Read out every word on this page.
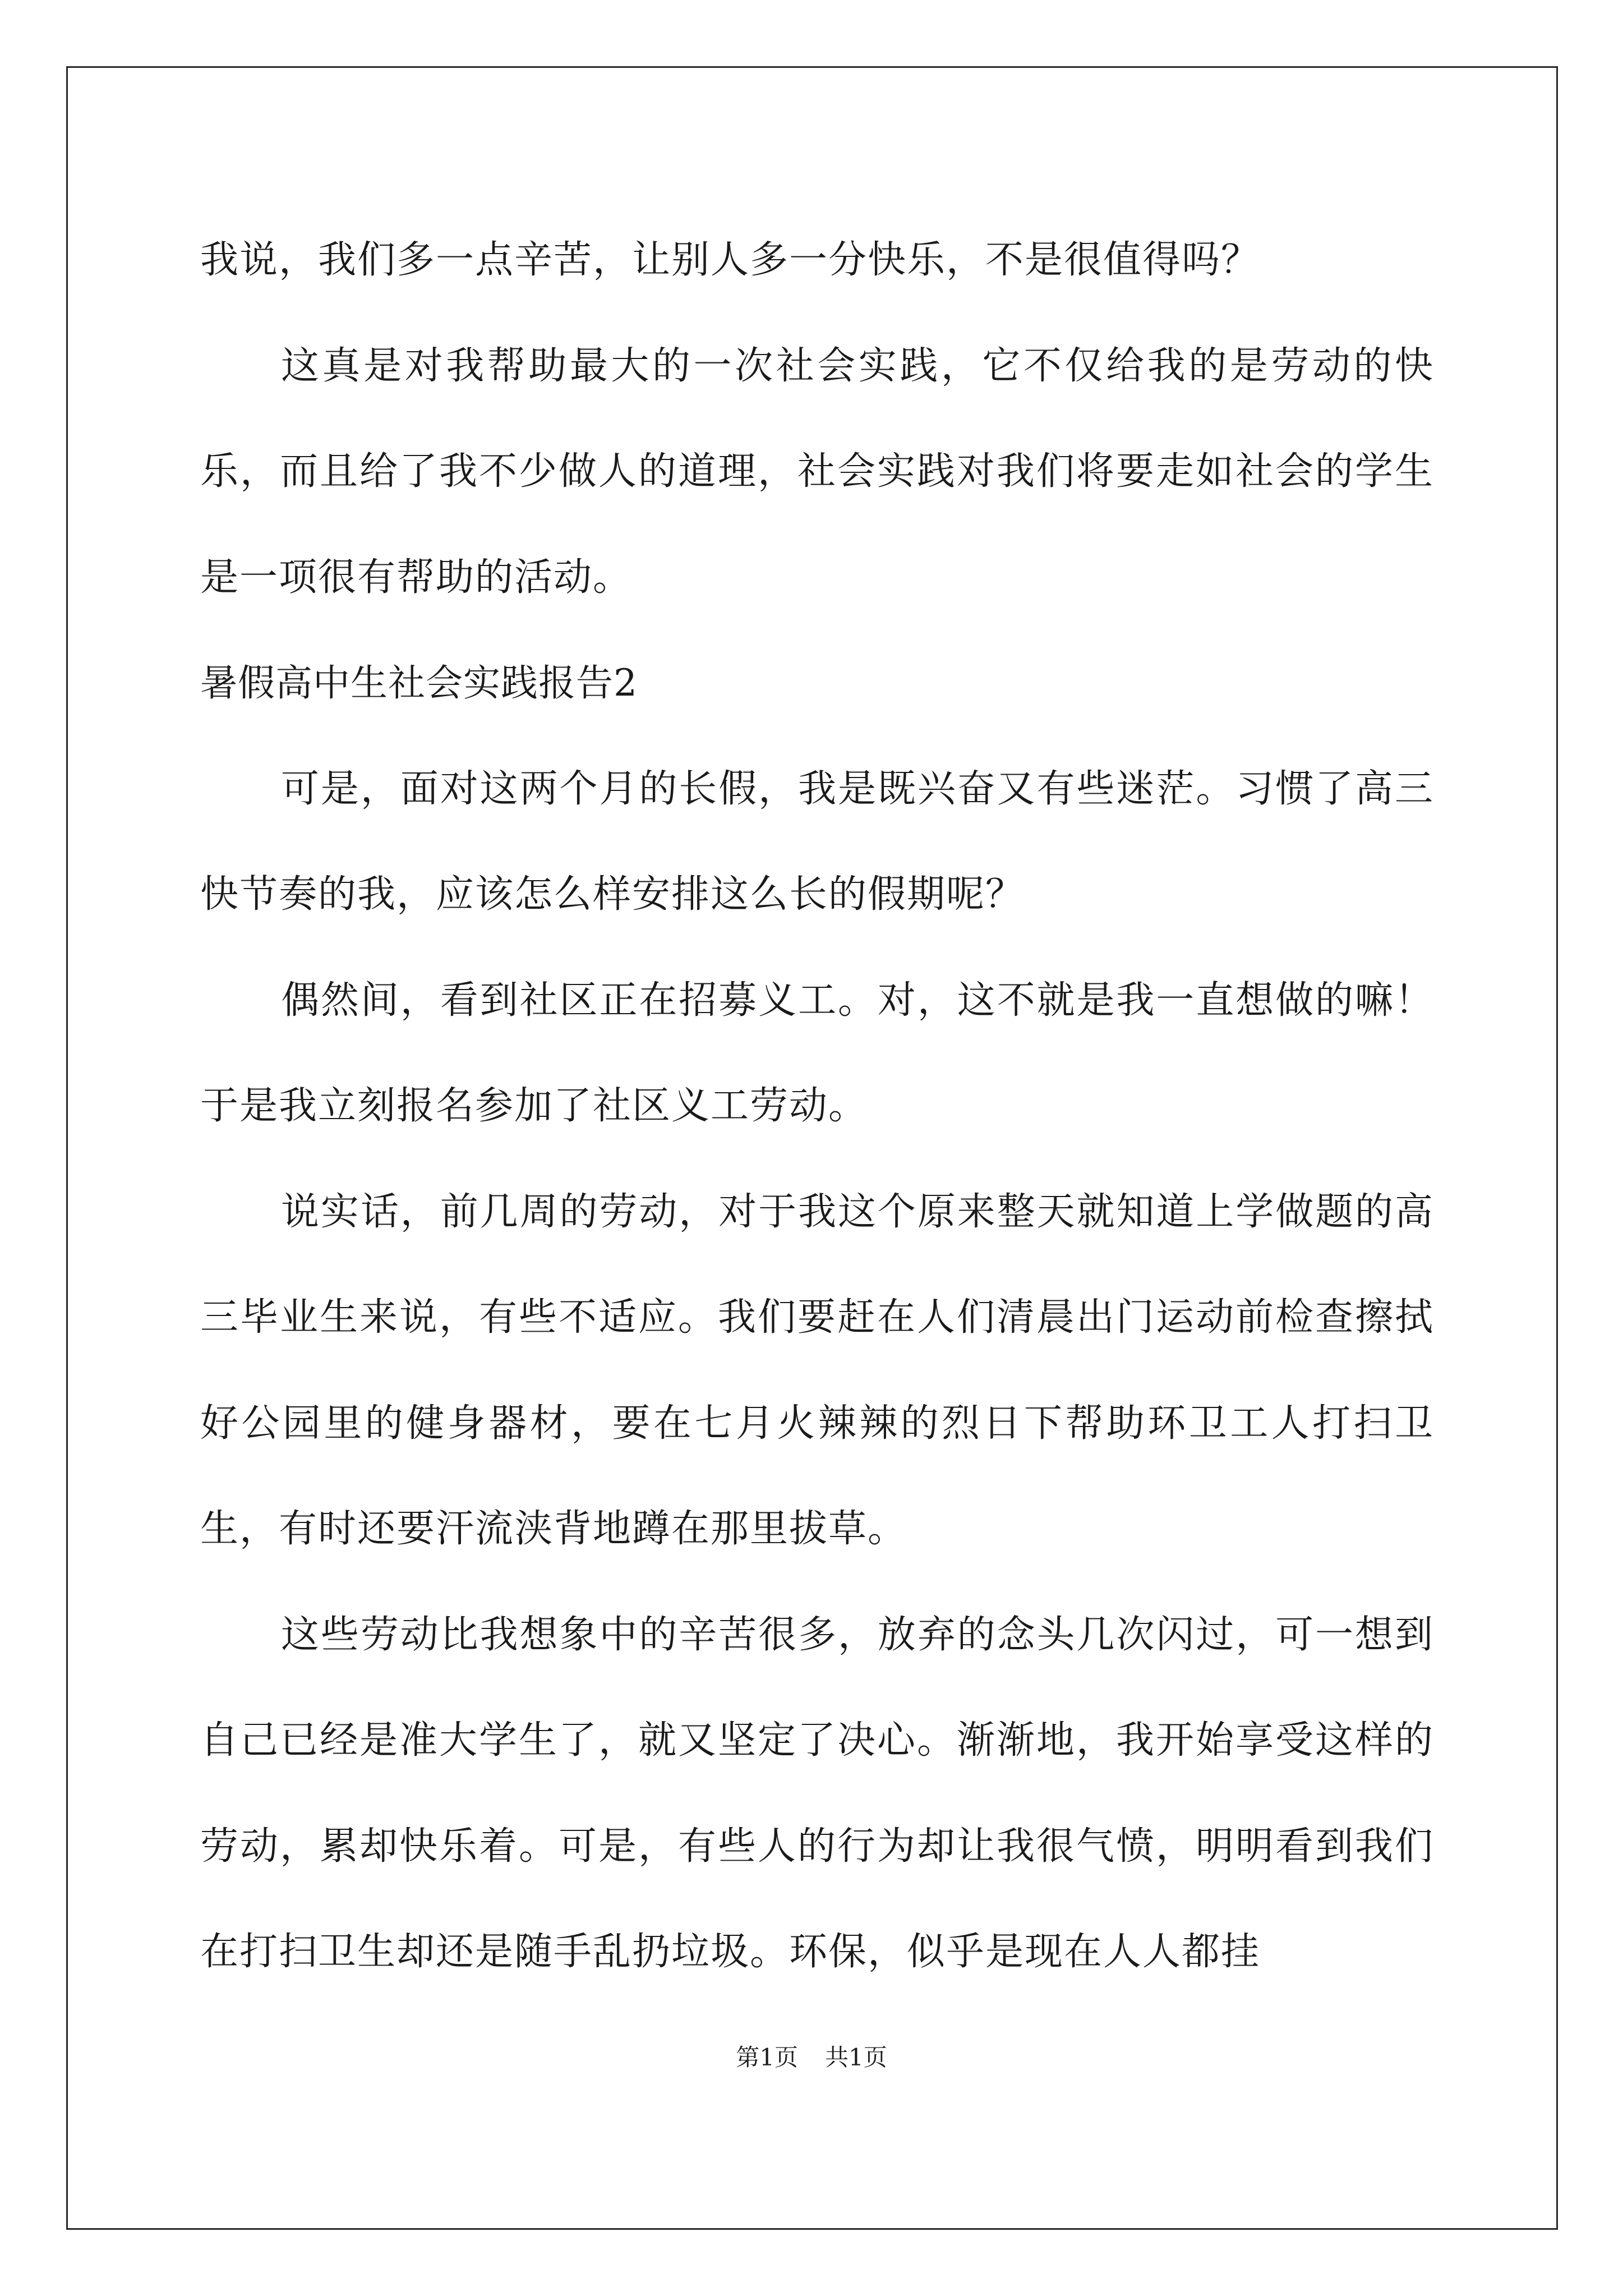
我说，我们多一点辛苦，让别人多一分快乐，不是很值得吗？

这真是对我帮助最大的一次社会实践，它不仅给我的是劳动的快乐，而且给了我不少做人的道理，社会实践对我们将要走如社会的学生是一项很有帮助的活动。

暑假高中生社会实践报告2

可是，面对这两个月的长假，我是既兴奋又有些迷茫。习惯了高三快节奏的我，应该怎么样安排这么长的假期呢？

偶然间，看到社区正在招募义工。对，这不就是我一直想做的嘛！于是我立刻报名参加了社区义工劳动。

说实话，前几周的劳动，对于我这个原来整天就知道上学做题的高三毕业生来说，有些不适应。我们要赶在人们清晨出门运动前检查擦拭好公园里的健身器材，要在七月火辣辣的烈日下帮助环卫工人打扫卫生，有时还要汗流浃背地蹲在那里拔草。

这些劳动比我想象中的辛苦很多，放弃的念头几次闪过，可一想到自己已经是准大学生了，就又坚定了决心。渐渐地，我开始享受这样的劳动，累却快乐着。可是，有些人的行为却让我很气愤，明明看到我们在打扫卫生却还是随手乱扔垃圾。环保，似乎是现在人人都挂

第1页 共1页
